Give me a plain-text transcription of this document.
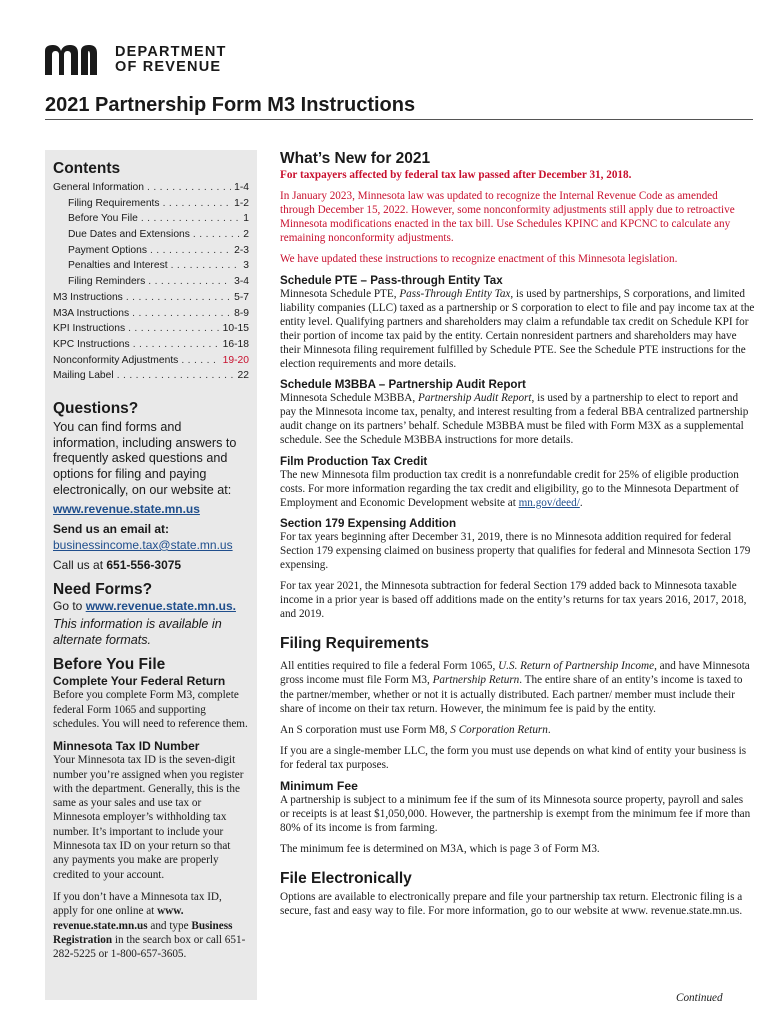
DEPARTMENT
OF REVENUE
2021 Partnership Form M3 Instructions
Contents
General Information . . .	1-4
Filing Requirements . . .	1-2
Before You File . . .	1
Due Dates and Extensions . . .	2
Payment Options . . .	2-3
Penalties and Interest . . .	3
Filing Reminders . . .	3-4
M3 Instructions . . .	5-7
M3A Instructions . . .	8-9
KPI Instructions . . .	10-15
KPC Instructions . . .	16-18
Nonconformity Adjustments . . .	19-20
Mailing Label . . .	22
Questions?
You can find forms and information, including answers to frequently asked questions and options for filing and paying electronically, on our website at:
www.revenue.state.mn.us
Send us an email at:
businessincome.tax@state.mn.us
Call us at 651-556-3075
Need Forms?
Go to www.revenue.state.mn.us.
This information is available in alternate formats.
Before You File
Complete Your Federal Return
Before you complete Form M3, complete federal Form 1065 and supporting schedules. You will need to reference them.
Minnesota Tax ID Number
Your Minnesota tax ID is the seven-digit number you’re assigned when you register with the department. Generally, this is the same as your sales and use tax or Minnesota employer’s withholding tax number. It’s important to include your Minnesota tax ID on your return so that any payments you make are properly credited to your account.
If you don’t have a Minnesota tax ID, apply for one online at www. revenue.state.mn.us and type Business Registration in the search box or call 651-282-5225 or 1-800-657-3605.
What’s New for 2021
For taxpayers affected by federal tax law passed after December 31, 2018.
In January 2023, Minnesota law was updated to recognize the Internal Revenue Code as amended through December 15, 2022. However, some nonconformity adjustments still apply due to retroactive Minnesota modifications enacted in the tax bill. Use Schedules KPINC and KPCNC to calculate any remaining nonconformity adjustments.
We have updated these instructions to recognize enactment of this Minnesota legislation.
Schedule PTE – Pass-through Entity Tax
Minnesota Schedule PTE, Pass-Through Entity Tax, is used by partnerships, S corporations, and limited liability companies (LLC) taxed as a partnership or S corporation to elect to file and pay income tax at the entity level. Qualifying partners and shareholders may claim a refundable tax credit on Schedule KPI for their portion of income tax paid by the entity. Certain nonresident partners and shareholders may have their Minnesota filing requirement fulfilled by Schedule PTE. See the Schedule PTE instructions for the election requirements and more details.
Schedule M3BBA – Partnership Audit Report
Minnesota Schedule M3BBA, Partnership Audit Report, is used by a partnership to elect to report and pay the Minnesota income tax, penalty, and interest resulting from a federal BBA centralized partnership audit change on its partners’ behalf. Schedule M3BBA must be filed with Form M3X as a supplemental schedule. See the Schedule M3BBA instructions for more details.
Film Production Tax Credit
The new Minnesota film production tax credit is a nonrefundable credit for 25% of eligible production costs. For more information regarding the tax credit and eligibility, go to the Minnesota Department of Employment and Economic Development website at mn.gov/deed/.
Section 179 Expensing Addition
For tax years beginning after December 31, 2019, there is no Minnesota addition required for federal Section 179 expensing claimed on business property that qualifies for federal and Minnesota Section 179 expensing.
For tax year 2021, the Minnesota subtraction for federal Section 179 added back to Minnesota taxable income in a prior year is based off additions made on the entity’s returns for tax years 2016, 2017, 2018, and 2019.
Filing Requirements
All entities required to file a federal Form 1065, U.S. Return of Partnership Income, and have Minnesota gross income must file Form M3, Partnership Return. The entire share of an entity’s income is taxed to the partner/member, whether or not it is actually distributed. Each partner/ member must include their share of income on their tax return. However, the minimum fee is paid by the entity.
An S corporation must use Form M8, S Corporation Return.
If you are a single-member LLC, the form you must use depends on what kind of entity your business is for federal tax purposes.
Minimum Fee
A partnership is subject to a minimum fee if the sum of its Minnesota source property, payroll and sales or receipts is at least $1,050,000. However, the partnership is exempt from the minimum fee if more than 80% of its income is from farming.
The minimum fee is determined on M3A, which is page 3 of Form M3.
File Electronically
Options are available to electronically prepare and file your partnership tax return. Electronic filing is a secure, fast and easy way to file. For more information, go to our website at www. revenue.state.mn.us.
Continued
